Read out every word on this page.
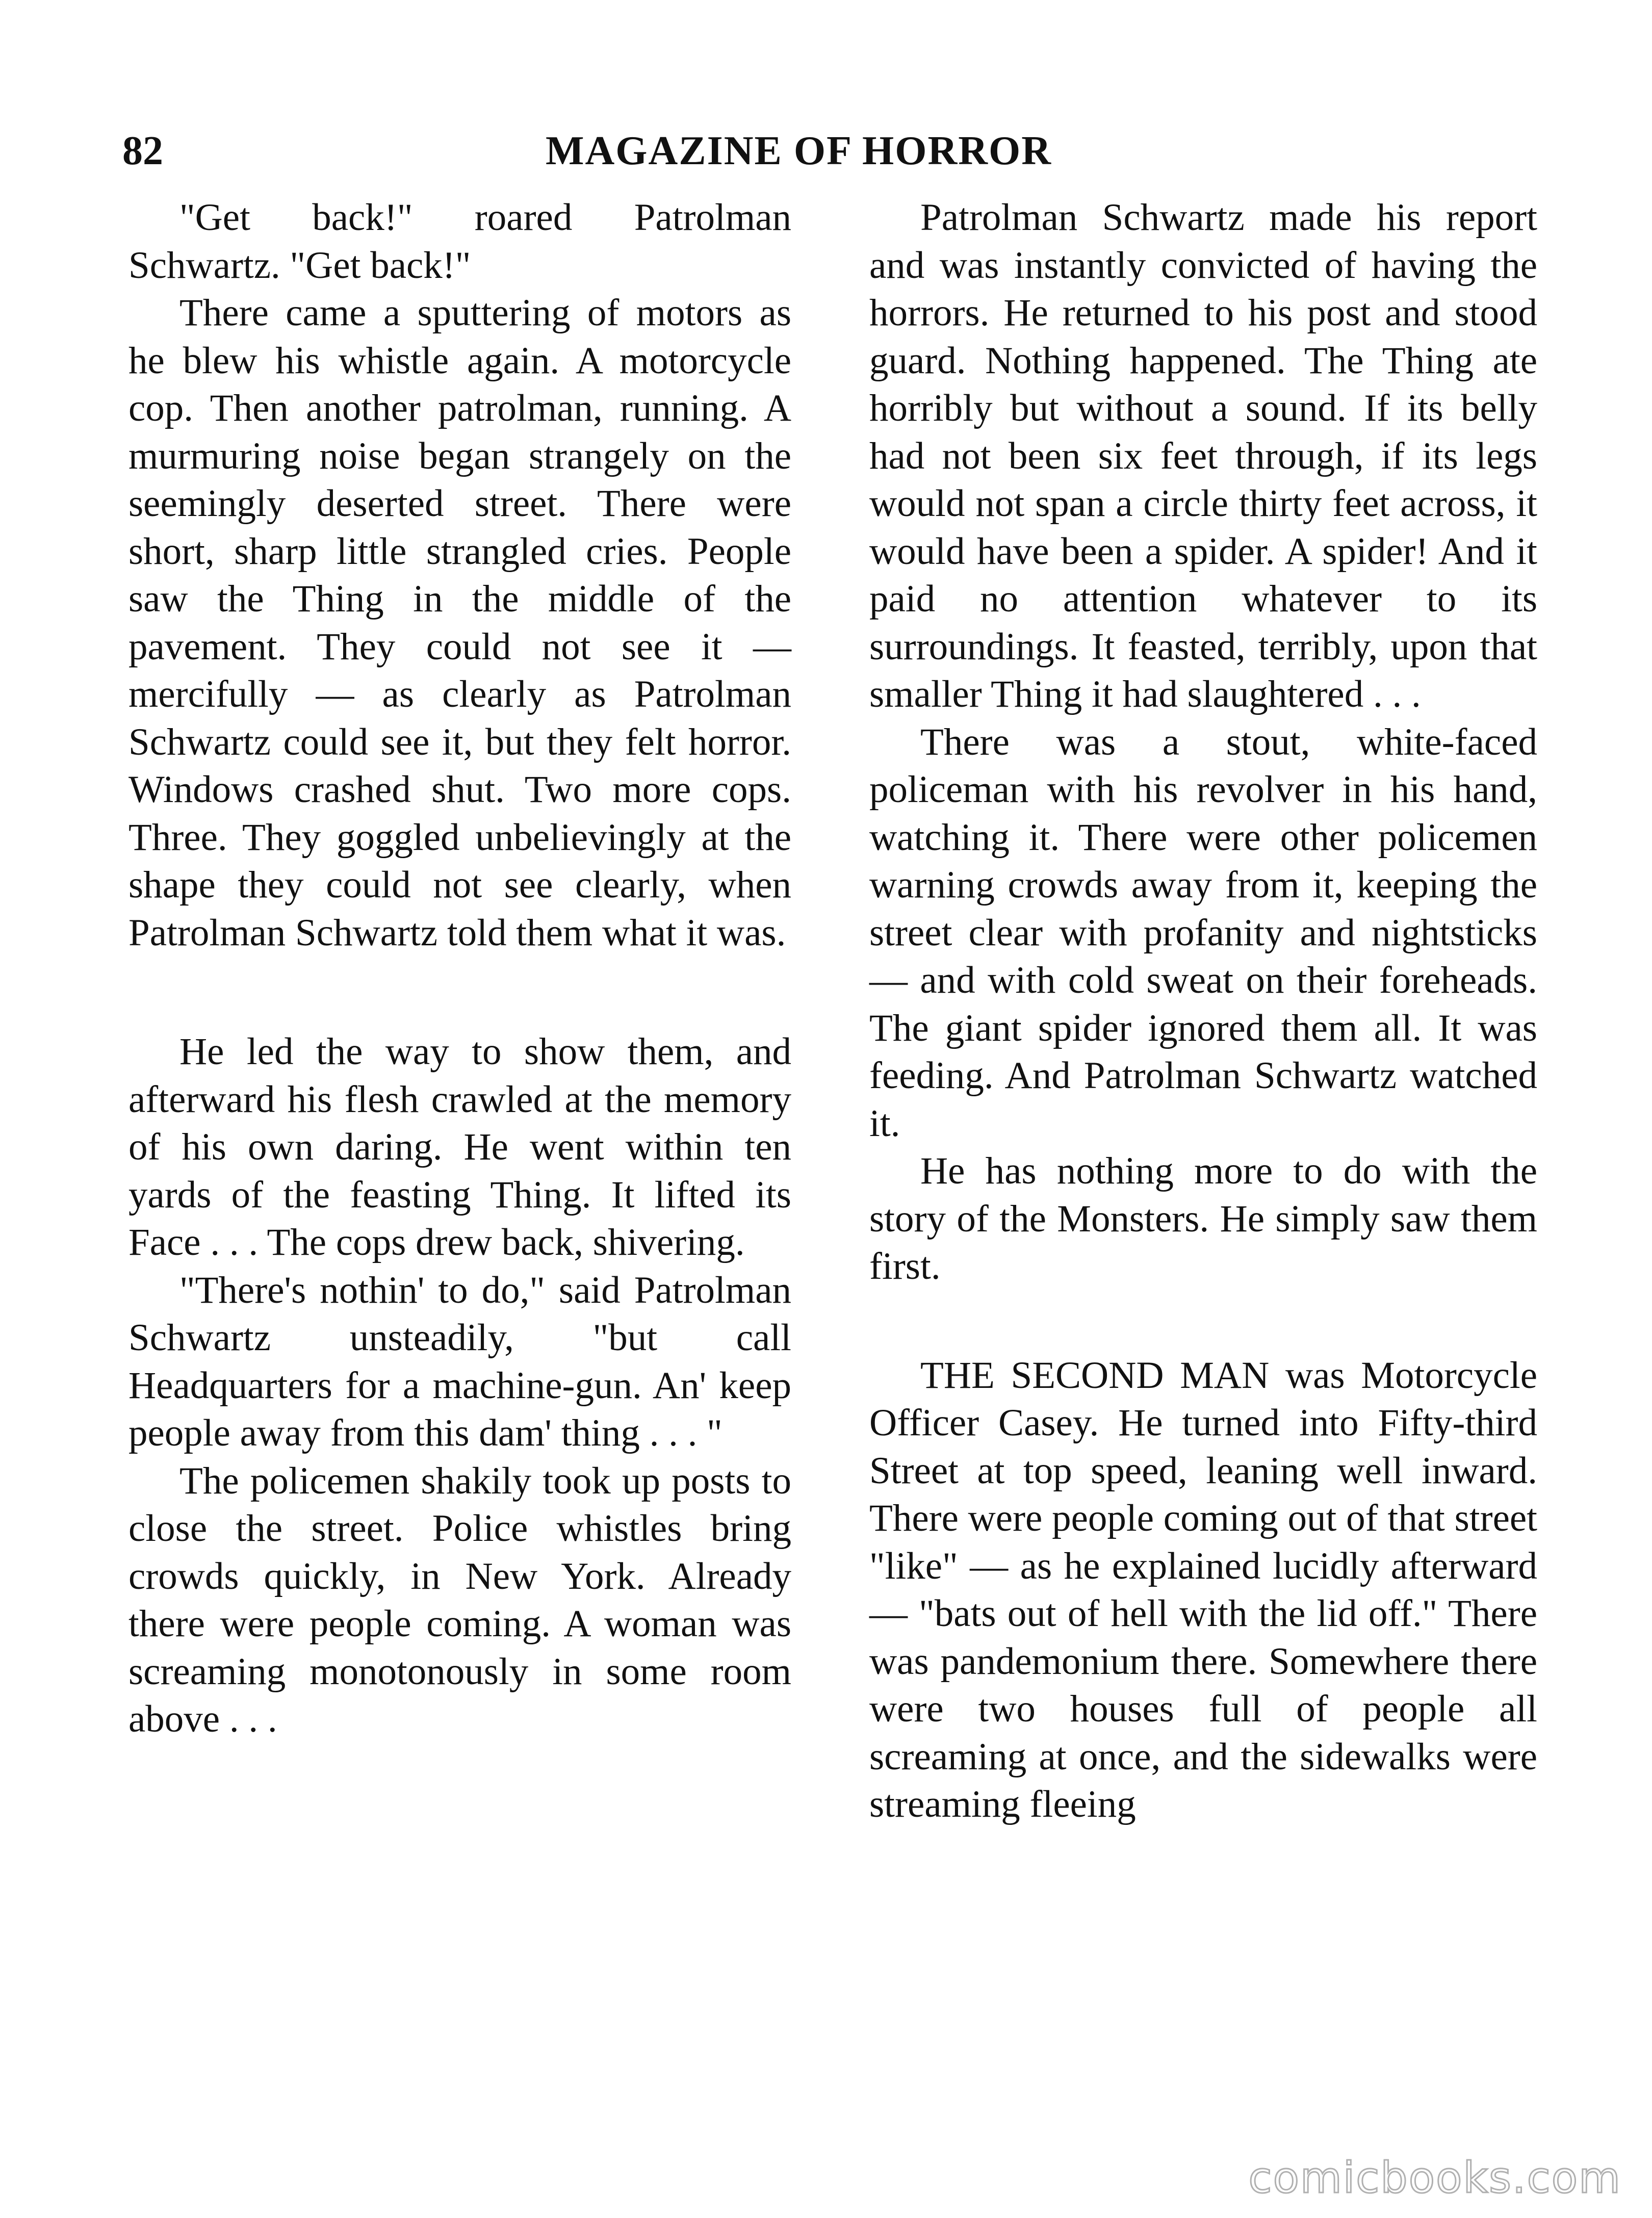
82	MAGAZINE OF HORROR

"Get back!" roared Patrolman Schwartz. "Get back!"

There came a sputtering of motors as he blew his whistle again. A motorcycle cop. Then another patrolman, running. A murmuring noise began strangely on the seemingly deserted street. There were short, sharp little strangled cries. People saw the Thing in the middle of the pavement. They could not see it — mercifully — as clearly as Patrolman Schwartz could see it, but they felt horror. Windows crashed shut. Two more cops. Three. They goggled unbelievingly at the shape they could not see clearly, when Patrolman Schwartz told them what it was.

He led the way to show them, and afterward his flesh crawled at the memory of his own daring. He went within ten yards of the feasting Thing. It lifted its Face . . . The cops drew back, shivering.

"There's nothin' to do," said Patrolman Schwartz unsteadily, "but call Headquarters for a machine-gun. An' keep people away from this dam' thing . . . "

The policemen shakily took up posts to close the street. Police whistles bring crowds quickly, in New York. Already there were people coming. A woman was screaming monotonously in some room above . . .

Patrolman Schwartz made his report and was instantly convicted of having the horrors. He returned to his post and stood guard. Nothing happened. The Thing ate horribly but without a sound. If its belly had not been six feet through, if its legs would not span a circle thirty feet across, it would have been a spider. A spider! And it paid no attention whatever to its surroundings. It feasted, terribly, upon that smaller Thing it had slaughtered . . .

There was a stout, white-faced policeman with his revolver in his hand, watching it. There were other policemen warning crowds away from it, keeping the street clear with profanity and nightsticks — and with cold sweat on their foreheads. The giant spider ignored them all. It was feeding. And Patrolman Schwartz watched it.

He has nothing more to do with the story of the Monsters. He simply saw them first.

THE SECOND MAN was Motorcycle Officer Casey. He turned into Fifty-third Street at top speed, leaning well inward. There were people coming out of that street "like" — as he explained lucidly afterward — "bats out of hell with the lid off." There was pandemonium there. Somewhere there were two houses full of people all screaming at once, and the sidewalks were streaming fleeing

comicbooks.com
